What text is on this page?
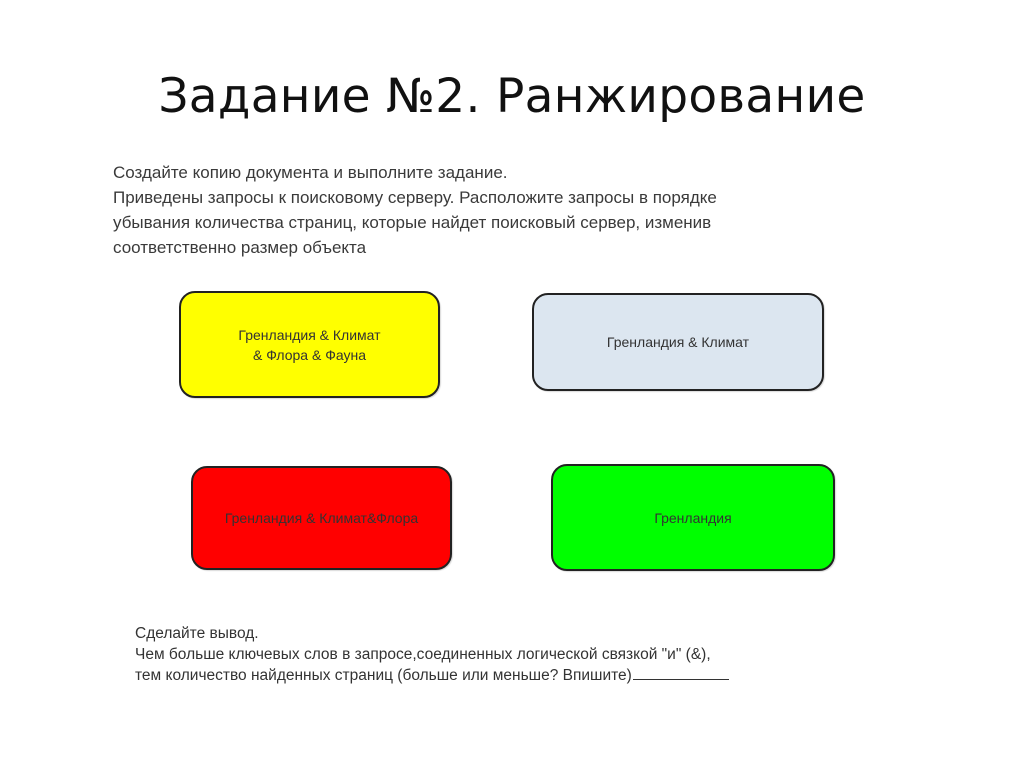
Задание №2. Ранжирование
Создайте копию документа и выполните задание.
Приведены запросы к поисковому серверу. Расположите запросы в порядке
убывания количества страниц, которые найдет поисковый сервер, изменив
соответственно размер объекта
Гренландия & Климат
& Флора & Фауна
Гренландия & Климат
Гренландия & Климат&Флора	Гренландия
Сделайте вывод.
Чем больше ключевых слов в запросе,соединенных логической связкой "и" (&),
тем количество найденных страниц (больше или меньше? Впишите)
